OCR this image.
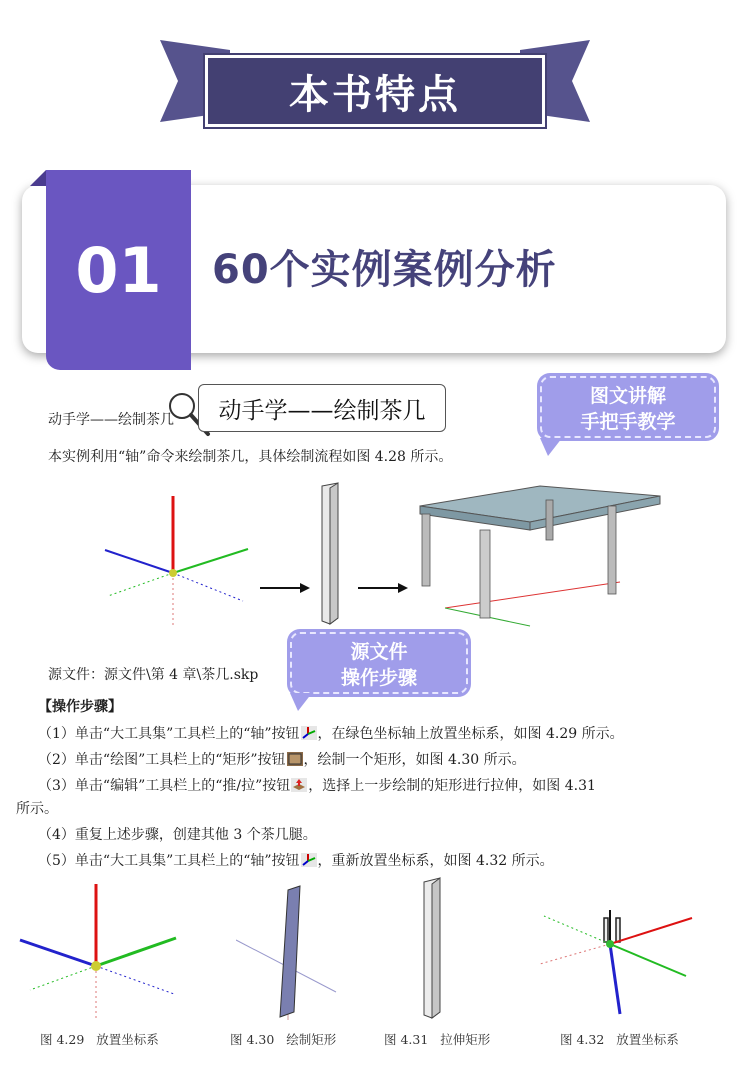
本书特点
01 60个实例案例分析
图文讲解
手把手教学
动手学——绘制茶几	动手学——绘制茶几
本实例利用“轴”命令来绘制茶几，具体绘制流程如图 4.28 所示。
源文件
操作步骤
源文件：源文件\第 4 章\茶几.skp
【操作步骤】
（1）单击“大工具集”工具栏上的“轴”按钮 ，在绿色坐标轴上放置坐标系，如图 4.29 所示。
（2）单击“绘图”工具栏上的“矩形”按钮 ，绘制一个矩形，如图 4.30 所示。
（3）单击“编辑”工具栏上的“推/拉”按钮 ，选择上一步绘制的矩形进行拉伸，如图 4.31
所示。
（4）重复上述步骤，创建其他 3 个茶几腿。
（5）单击“大工具集”工具栏上的“轴”按钮 ，重新放置坐标系，如图 4.32 所示。
图 4.29 放置坐标系	图 4.30 绘制矩形	图 4.31 拉伸矩形	图 4.32 放置坐标系
